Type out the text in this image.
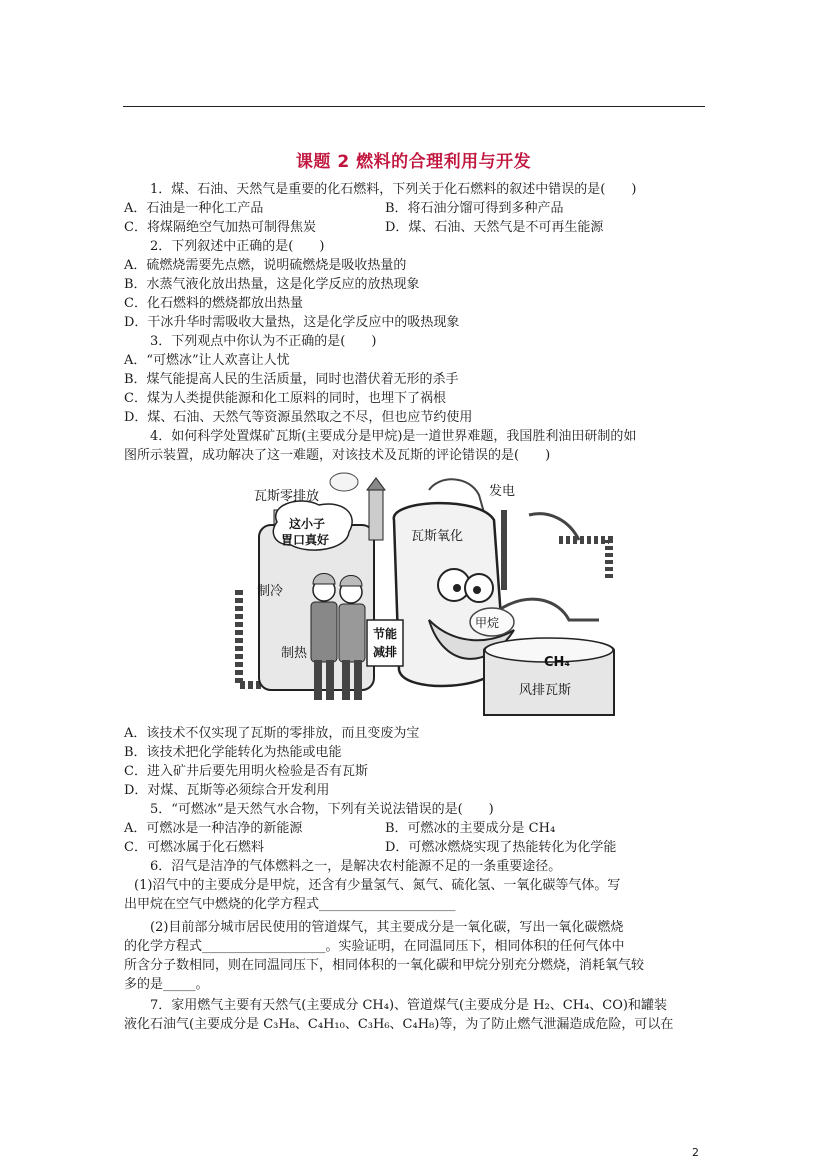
课题 2 燃料的合理利用与开发
1．煤、石油、天然气是重要的化石燃料，下列关于化石燃料的叙述中错误的是(　　)
A．石油是一种化工产品	B．将石油分馏可得到多种产品
C．将煤隔绝空气加热可制得焦炭	D．煤、石油、天然气是不可再生能源
2．下列叙述中正确的是(　　)
A．硫燃烧需要先点燃，说明硫燃烧是吸收热量的
B．水蒸气液化放出热量，这是化学反应的放热现象
C．化石燃料的燃烧都放出热量
D．干冰升华时需吸收大量热，这是化学反应中的吸热现象
3．下列观点中你认为不正确的是(　　)
A．“可燃冰”让人欢喜让人忧
B．煤气能提高人民的生活质量，同时也潜伏着无形的杀手
C．煤为人类提供能源和化工原料的同时，也埋下了祸根
D．煤、石油、天然气等资源虽然取之不尽，但也应节约使用
4．如何科学处置煤矿瓦斯(主要成分是甲烷)是一道世界难题，我国胜利油田研制的如
图所示装置，成功解决了这一难题，对该技术及瓦斯的评论错误的是(　　)
瓦斯零排放	发电
这小子
胃口真好	瓦斯氧化
制冷
节能
减排
制热
甲烷
CH₄
风排瓦斯
A．该技术不仅实现了瓦斯的零排放，而且变废为宝
B．该技术把化学能转化为热能或电能
C．进入矿井后要先用明火检验是否有瓦斯
D．对煤、瓦斯等必须综合开发利用
5．“可燃冰”是天然气水合物，下列有关说法错误的是(　　)
A．可燃冰是一种洁净的新能源	B．可燃冰的主要成分是 CH₄
C．可燃冰属于化石燃料	D．可燃冰燃烧实现了热能转化为化学能
6．沼气是洁净的气体燃料之一，是解决农村能源不足的一条重要途径。
(1)沼气中的主要成分是甲烷，还含有少量氢气、氮气、硫化氢、一氧化碳等气体。写
出甲烷在空气中燃烧的化学方程式_____________________
(2)目前部分城市居民使用的管道煤气，其主要成分是一氧化碳，写出一氧化碳燃烧
的化学方程式___________________。实验证明，在同温同压下，相同体积的任何气体中
所含分子数相同，则在同温同压下，相同体积的一氧化碳和甲烷分别充分燃烧，消耗氧气较
多的是_____。
7．家用燃气主要有天然气(主要成分 CH₄)、管道煤气(主要成分是 H₂、CH₄、CO)和罐装
液化石油气(主要成分是 C₃H₈、C₄H₁₀、C₃H₆、C₄H₈)等，为了防止燃气泄漏造成危险，可以在
2
